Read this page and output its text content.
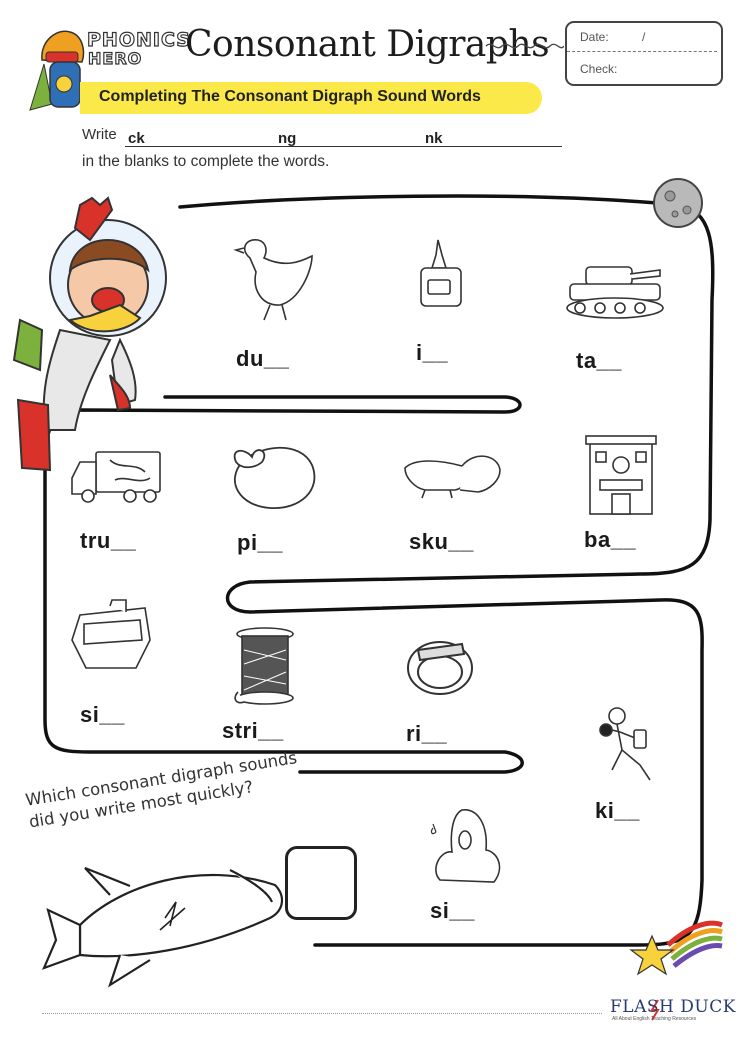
PHONICS
HERO Consonant Digraphs
Completing The Consonant Digraph Sound Words
Date:	/
Check:
Write ck	ng	nk
in the blanks to complete the words.
du__	i__	ta__
tru__	pi__	sku__	ba__
si__
stri__	ri__
ki__
si__
Which consonant digraph sounds did you write most quickly?
FLASH DUCK
All About English Teaching Resources
